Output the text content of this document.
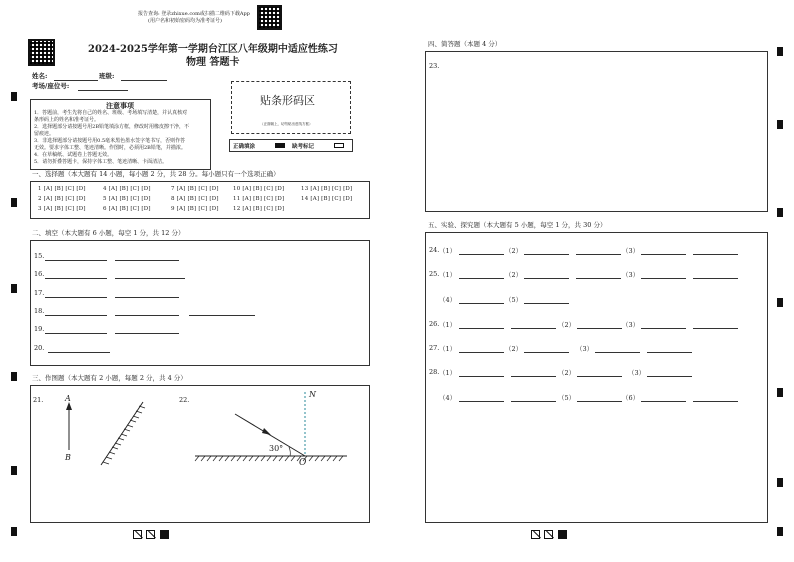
报告查询: 登录zhixue.com或扫描二维码下载App
(用户名和初始密码均为准考证号)
2024-2025学年第一学期台江区八年级期中适应性练习
物理 答题卡
姓名:	班级:
考场/座位号:
注意事项
1．答题前，考生先将自己的姓名、班级、考场填写清楚，并认真核对
条形码上的姓名和准考证号。
2．选择题部分请按题号用2B铅笔填涂方框，修改时用橡皮擦干净，不
留痕迹。
3．非选择题部分请按题号用0.5毫米黑色墨水签字笔书写，否则作答
无效。要求字体工整、笔迹清晰。作图时，必须用2B铅笔，并描浓。
4．在草稿纸、试题卷上答题无效。
5．请勿折叠答题卡，保持字体工整、笔迹清晰、卡面清洁。
贴条形码区
（正面朝上，切勿贴出虚线方框）
正确填涂	缺考标记
一、选择题（本大题有 14 小题，每小题 2 分，共 28 分。每小题只有一个选项正确）
1 [A] [B] [C] [D]	4 [A] [B] [C] [D]	7 [A] [B] [C] [D]	10 [A] [B] [C] [D]	13 [A] [B] [C] [D]
2 [A] [B] [C] [D]	5 [A] [B] [C] [D]	8 [A] [B] [C] [D]	11 [A] [B] [C] [D]	14 [A] [B] [C] [D]
3 [A] [B] [C] [D]	6 [A] [B] [C] [D]	9 [A] [B] [C] [D]	12 [A] [B] [C] [D]
二、填空（本大题有 6 小题，每空 1 分，共 12 分）
15.
16.
17.
18.
19.
20.
三、作图题（本大题有 2 小题，每题 2 分，共 4 分）
21.	22.
A
B
N
O
30°
四、简答题（本题 4 分）
23.
五、实验、探究题（本大题有 5 小题，每空 1 分，共 30 分）
24. （1）	（2）	（3）
25. （1）	（2）	（3）
（4）	（5）
26. （1）	（2）	（3）
27. （1）	（2）	（3）
28. （1）	（2）	（3）
（4）	（5）	（6）
